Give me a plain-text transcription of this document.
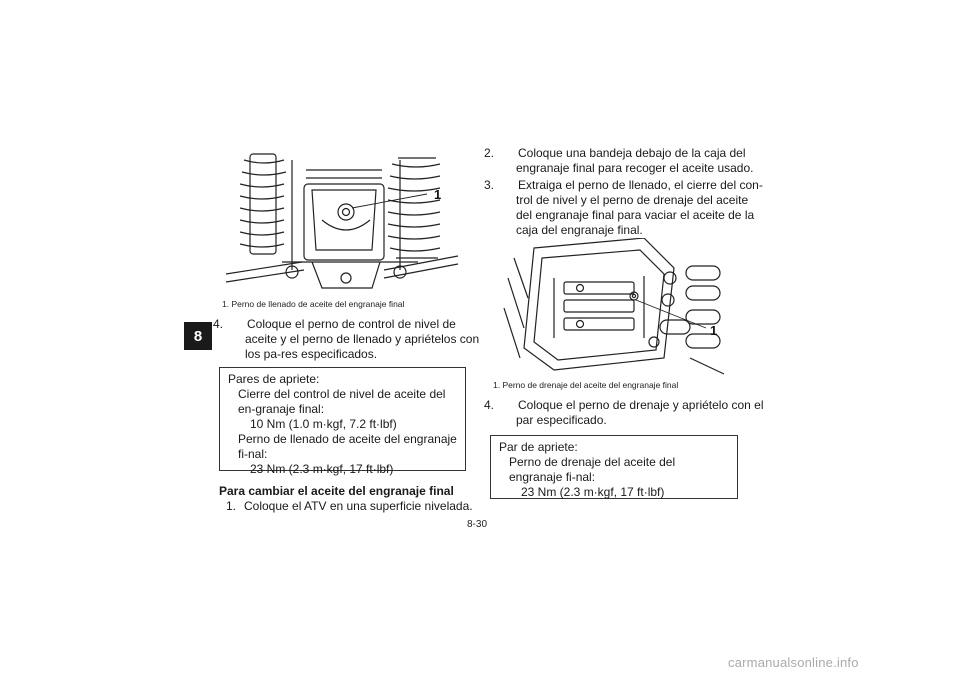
8
1
1. Perno de llenado de aceite del engranaje final
4. Coloque el perno de control de nivel de aceite y el perno de llenado y apriételos con los pa-res especificados.
Pares de apriete:
Cierre del control de nivel de aceite del en-granaje final:
10 Nm (1.0 m·kgf, 7.2 ft·lbf)
Perno de llenado de aceite del engranaje fi-nal:
23 Nm (2.3 m·kgf, 17 ft·lbf)
Para cambiar el aceite del engranaje final
1. Coloque el ATV en una superficie nivelada.
2. Coloque una bandeja debajo de la caja del engranaje final para recoger el aceite usado.
3. Extraiga el perno de llenado, el cierre del con-trol de nivel y el perno de drenaje del aceite del engranaje final para vaciar el aceite de la caja del engranaje final.
1
1. Perno de drenaje del aceite del engranaje final
4. Coloque el perno de drenaje y apriételo con el par especificado.
Par de apriete:
Perno de drenaje del aceite del engranaje fi-nal:
23 Nm (2.3 m·kgf, 17 ft·lbf)
8-30
carmanualsonline.info
